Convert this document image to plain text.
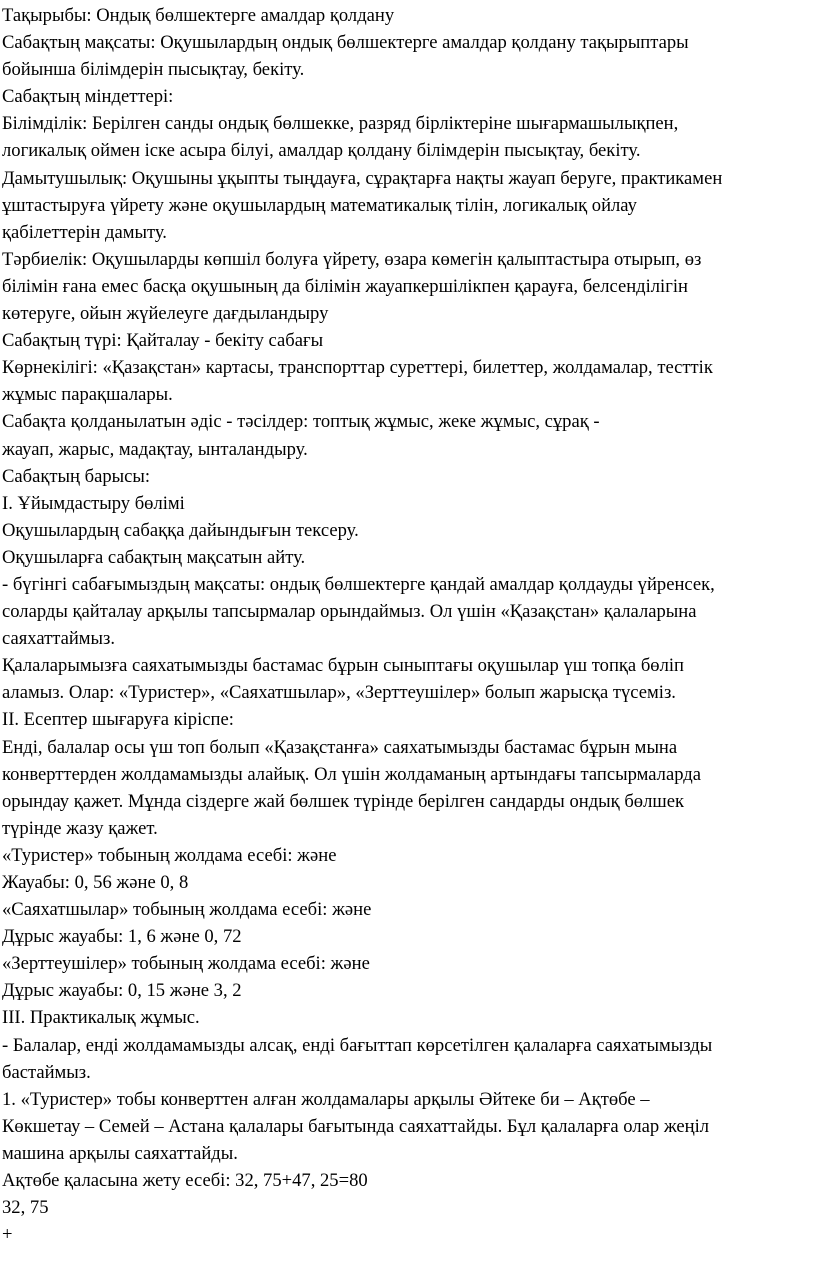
Тақырыбы: Ондық бөлшектерге амалдар қолдану
Сабақтың мақсаты: Оқушылардың ондық бөлшектерге амалдар қолдану тақырыптары
бойынша білімдерін пысықтау, бекіту.
Сабақтың міндеттері:
Білімділік: Берілген санды ондық бөлшекке, разряд бірліктеріне шығармашылықпен,
логикалық оймен іске асыра білуі, амалдар қолдану білімдерін пысықтау, бекіту.
Дамытушылық: Оқушыны ұқыпты тыңдауға, сұрақтарға нақты жауап беруге, практикамен
ұштастыруға үйрету және оқушылардың математикалық тілін, логикалық ойлау
қабілеттерін дамыту.
Тәрбиелік: Оқушыларды көпшіл болуға үйрету, өзара көмегін қалыптастыра отырып, өз
білімін ғана емес басқа оқушының да білімін жауапкершілікпен қарауға, белсенділігін
көтеруге, ойын жүйелеуге дағдыландыру
Сабақтың түрі: Қайталау - бекіту сабағы
Көрнекілігі: «Қазақстан» картасы, транспорттар суреттері, билеттер, жолдамалар, тесттік
жұмыс парақшалары.
Сабақта қолданылатын әдіс - тәсілдер: топтық жұмыс, жеке жұмыс, сұрақ -
жауап, жарыс, мадақтау, ынталандыру.
Сабақтың барысы:
І. Ұйымдастыру бөлімі
Оқушылардың сабаққа дайындығын тексеру.
Оқушыларға сабақтың мақсатын айту.
- бүгінгі сабағымыздың мақсаты: ондық бөлшектерге қандай амалдар қолдауды үйренсек,
соларды қайталау арқылы тапсырмалар орындаймыз. Ол үшін «Қазақстан» қалаларына
саяхаттаймыз.
Қалаларымызға саяхатымызды бастамас бұрын сыныптағы оқушылар үш топқа бөліп
аламыз. Олар: «Туристер», «Саяхатшылар», «Зерттеушілер» болып жарысқа түсеміз.
ІІ. Есептер шығаруға кіріспе:
Енді, балалар осы үш топ болып «Қазақстанға» саяхатымызды бастамас бұрын мына
конверттерден жолдамамызды алайық. Ол үшін жолдаманың артындағы тапсырмаларда
орындау қажет. Мұнда сіздерге жай бөлшек түрінде берілген сандарды ондық бөлшек
түрінде жазу қажет.
«Туристер» тобының жолдама есебі: және
Жауабы: 0, 56 және 0, 8
«Саяхатшылар» тобының жолдама есебі: және
Дұрыс жауабы: 1, 6 және 0, 72
«Зерттеушілер» тобының жолдама есебі: және
Дұрыс жауабы: 0, 15 және 3, 2
ІІІ. Практикалық жұмыс.
- Балалар, енді жолдамамызды алсақ, енді бағыттап көрсетілген қалаларға саяхатымызды
бастаймыз.
1. «Туристер» тобы конверттен алған жолдамалары арқылы Әйтеке би – Ақтөбе –
Көкшетау – Семей – Астана қалалары бағытында саяхаттайды. Бұл қалаларға олар жеңіл
машина арқылы саяхаттайды.
Ақтөбе қаласына жету есебі: 32, 75+47, 25=80
32, 75
+
